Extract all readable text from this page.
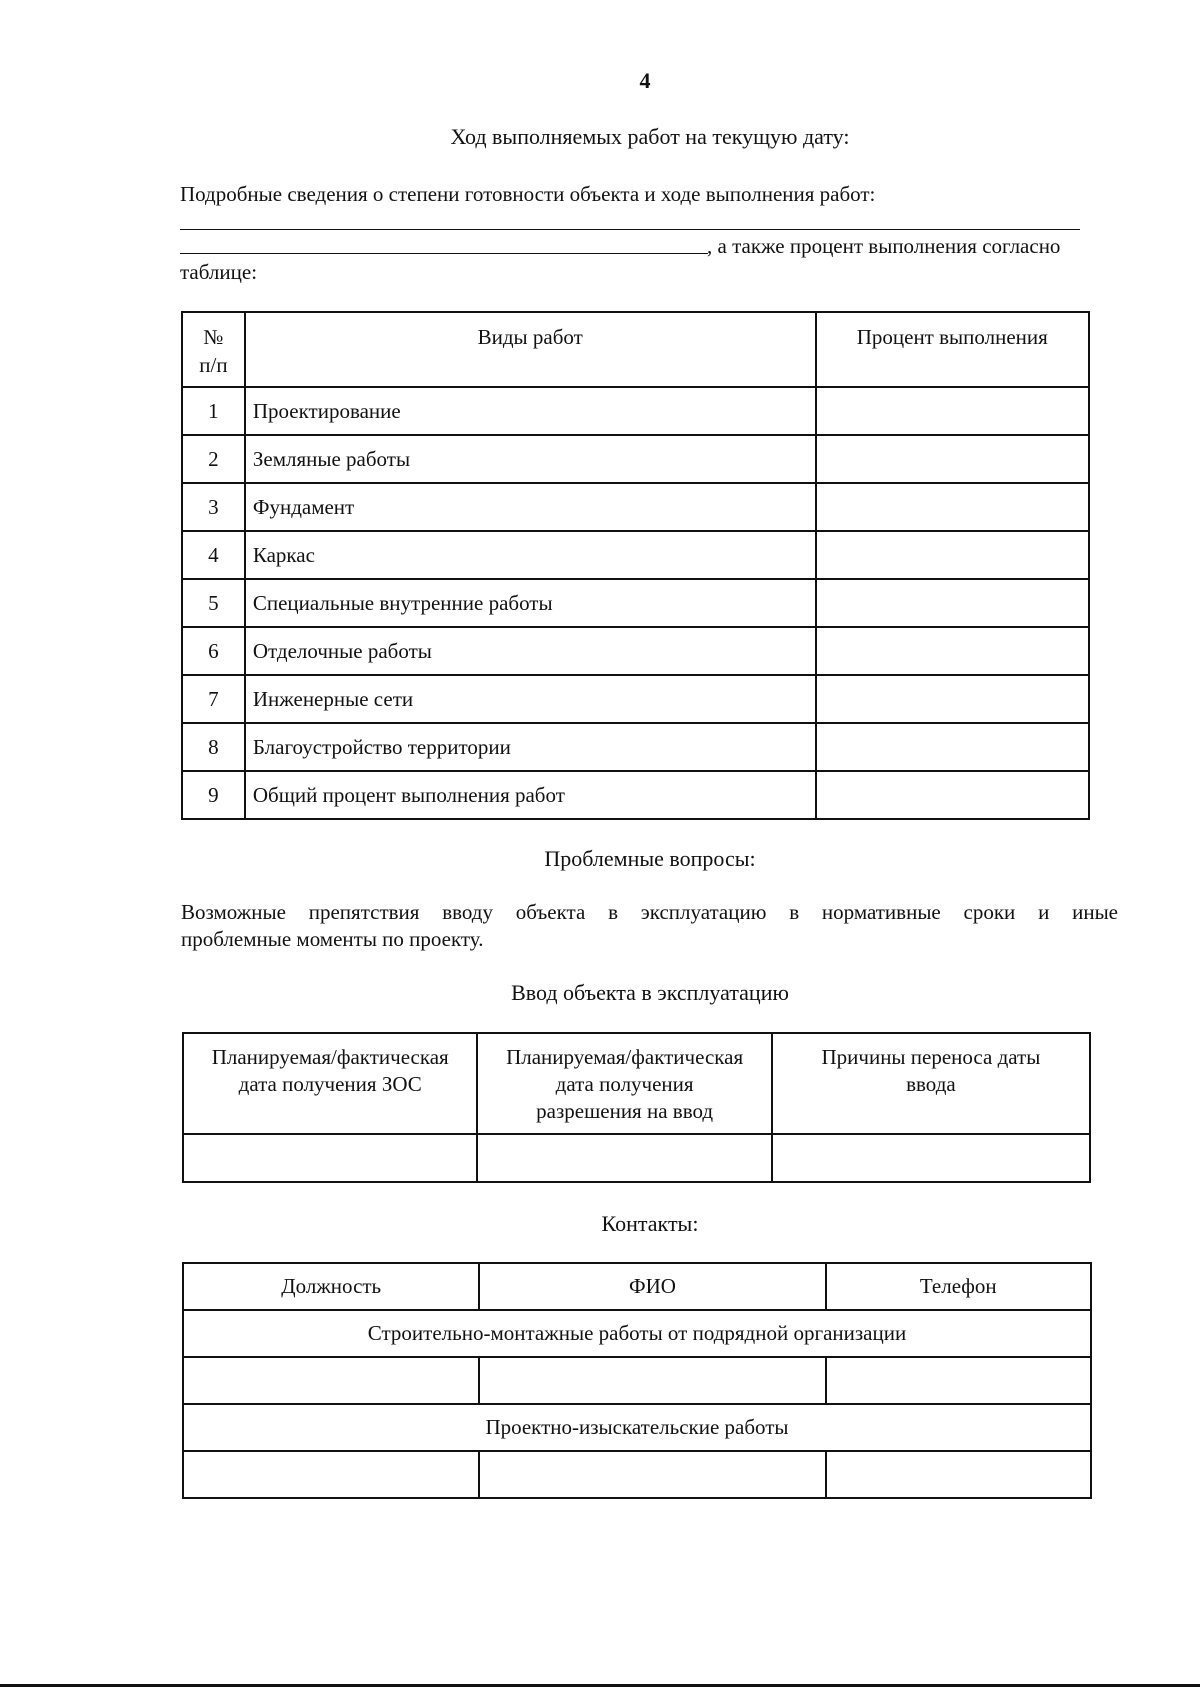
4
Ход выполняемых работ на текущую дату:
Подробные сведения о степени готовности объекта и ходе выполнения работ:
, а также процент выполнения согласно
таблице:
№
п/п	Виды работ	Процент выполнения
1	Проектирование	
2	Земляные работы	
3	Фундамент	
4	Каркас	
5	Специальные внутренние работы	
6	Отделочные работы	
7	Инженерные сети	
8	Благоустройство территории	
9	Общий процент выполнения работ	
Проблемные вопросы:
Возможные препятствия вводу объекта в эксплуатацию в нормативные сроки и иные
проблемные моменты по проекту.
Ввод объекта в эксплуатацию
Планируемая/фактическая
дата получения ЗОС	Планируемая/фактическая
дата получения
разрешения на ввод	Причины переноса даты
ввода

Контакты:
Должность	ФИО	Телефон
Строительно-монтажные работы от подрядной организации		

Проектно-изыскательские работы		
